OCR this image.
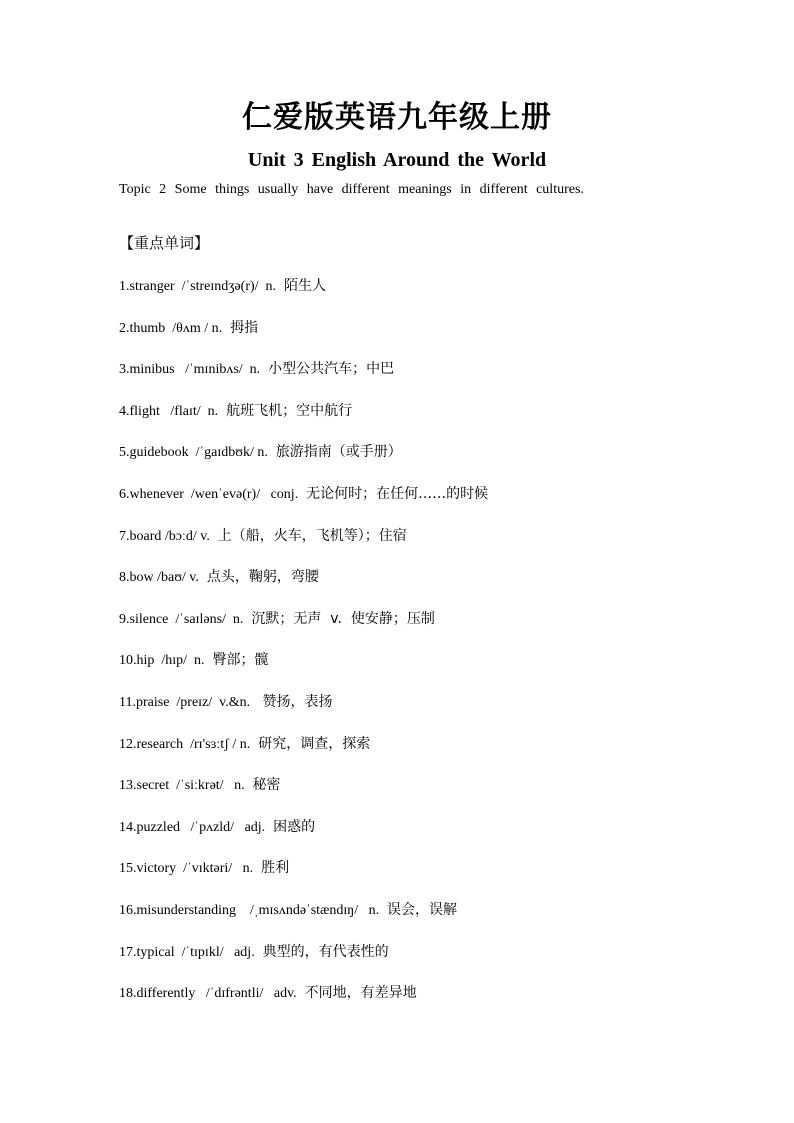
仁爱版英语九年级上册
Unit 3 English Around the World
Topic 2 Some things usually have different meanings in different cultures.
【重点单词】
1.stranger  /ˈstreɪndʒə(r)/  n.  陌生人
2.thumb  /θʌm / n.  拇指
3.minibus   /ˈmɪnibʌs/  n.  小型公共汽车；中巴
4.flight   /flaɪt/  n.  航班飞机；空中航行
5.guidebook  /ˈgaɪdbʊk/ n.  旅游指南（或手册）
6.whenever  /wenˈevə(r)/   conj.  无论何时；在任何……的时候
7.board /bɔːd/ v.  上（船，火车，飞机等）；住宿
8.bow /baʊ/ v.  点头，鞠躬，弯腰
9.silence  /ˈsaɪləns/  n.  沉默；无声  v.  使安静；压制
10.hip  /hɪp/  n.  臀部；髋
11.praise  /preɪz/  v.&n.   赞扬，表扬
12.research  /rɪ'sɜːtʃ / n.  研究，调查，探索
13.secret  /ˈsiːkrət/   n.  秘密
14.puzzled   /ˈpʌzld/   adj.  困惑的
15.victory  /ˈvɪktəri/   n.  胜利
16.misunderstanding    /ˌmɪsʌndəˈstændɪŋ/   n.  误会，误解
17.typical  /ˈtɪpɪkl/   adj.  典型的，有代表性的
18.differently   /ˈdɪfrəntli/   adv.  不同地，有差异地
